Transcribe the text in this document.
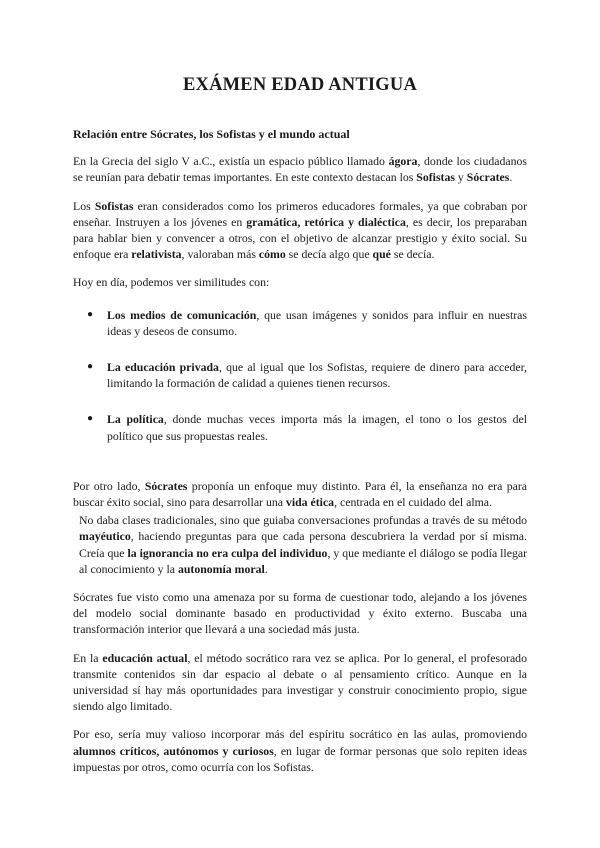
EXÁMEN EDAD ANTIGUA
Relación entre Sócrates, los Sofistas y el mundo actual

En la Grecia del siglo V a.C., existía un espacio público llamado ágora, donde los ciudadanos se reunían para debatir temas importantes. En este contexto destacan los Sofistas y Sócrates.

Los Sofistas eran considerados como los primeros educadores formales, ya que cobraban por enseñar. Instruyen a los jóvenes en gramática, retórica y dialéctica, es decir, los preparaban para hablar bien y convencer a otros, con el objetivo de alcanzar prestigio y éxito social. Su enfoque era relativista, valoraban más cómo se decía algo que qué se decía.

Hoy en día, podemos ver similitudes con:

● Los medios de comunicación, que usan imágenes y sonidos para influir en nuestras ideas y deseos de consumo.
● La educación privada, que al igual que los Sofistas, requiere de dinero para acceder, limitando la formación de calidad a quienes tienen recursos.
● La política, donde muchas veces importa más la imagen, el tono o los gestos del político que sus propuestas reales.

Por otro lado, Sócrates proponía un enfoque muy distinto. Para él, la enseñanza no era para buscar éxito social, sino para desarrollar una vida ética, centrada en el cuidado del alma.

No daba clases tradicionales, sino que guiaba conversaciones profundas a través de su método mayéutico, haciendo preguntas para que cada persona descubriera la verdad por sí misma. Creía que la ignorancia no era culpa del individuo, y que mediante el diálogo se podía llegar al conocimiento y la autonomía moral.

Sócrates fue visto como una amenaza por su forma de cuestionar todo, alejando a los jóvenes del modelo social dominante basado en productividad y éxito externo. Buscaba una transformación interior que llevará a una sociedad más justa.

En la educación actual, el método socrático rara vez se aplica. Por lo general, el profesorado transmite contenidos sin dar espacio al debate o al pensamiento crítico. Aunque en la universidad sí hay más oportunidades para investigar y construir conocimiento propio, sigue siendo algo limitado.

Por eso, sería muy valioso incorporar más del espíritu socrático en las aulas, promoviendo alumnos críticos, autónomos y curiosos, en lugar de formar personas que solo repiten ideas impuestas por otros, como ocurría con los Sofistas.
